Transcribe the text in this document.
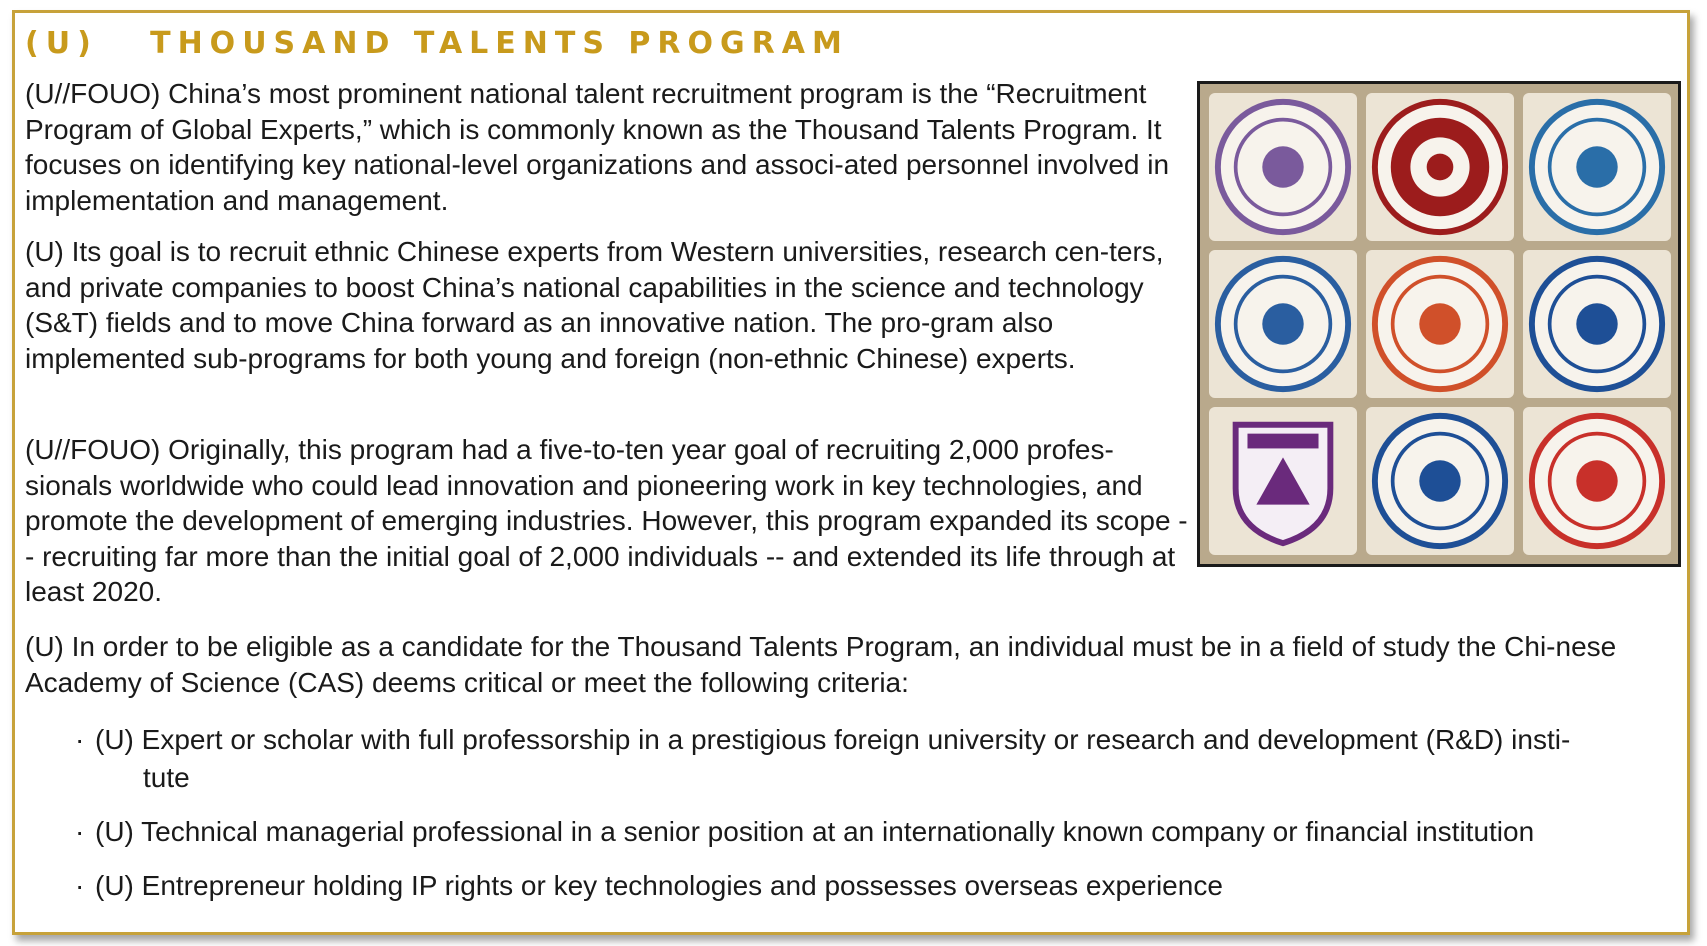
(U)   THOUSAND TALENTS PROGRAM

(U//FOUO) China’s most prominent national talent recruitment program is the “Recruitment Program of Global Experts,” which is commonly known as the Thousand Talents Program. It focuses on identifying key national-level organizations and associ-ated personnel involved in implementation and management.

(U) Its goal is to recruit ethnic Chinese experts from Western universities, research cen-ters, and private companies to boost China’s national capabilities in the science and technology (S&T) fields and to move China forward as an innovative nation. The pro-gram also implemented sub-programs for both young and foreign (non-ethnic Chinese) experts.

(U//FOUO) Originally, this program had a five-to-ten year goal of recruiting 2,000 profes-sionals worldwide who could lead innovation and pioneering work in key technologies, and promote the development of emerging industries. However, this program expanded its scope -- recruiting far more than the initial goal of 2,000 individuals -- and extended its life through at least 2020.

(U) In order to be eligible as a candidate for the Thousand Talents Program, an individual must be in a field of study the Chi-nese Academy of Science (CAS) deems critical or meet the following criteria:

· (U) Expert or scholar with full professorship in a prestigious foreign university or research and development (R&D) insti-
tute
· (U) Technical managerial professional in a senior position at an internationally known company or financial institution
· (U) Entrepreneur holding IP rights or key technologies and possesses overseas experience
